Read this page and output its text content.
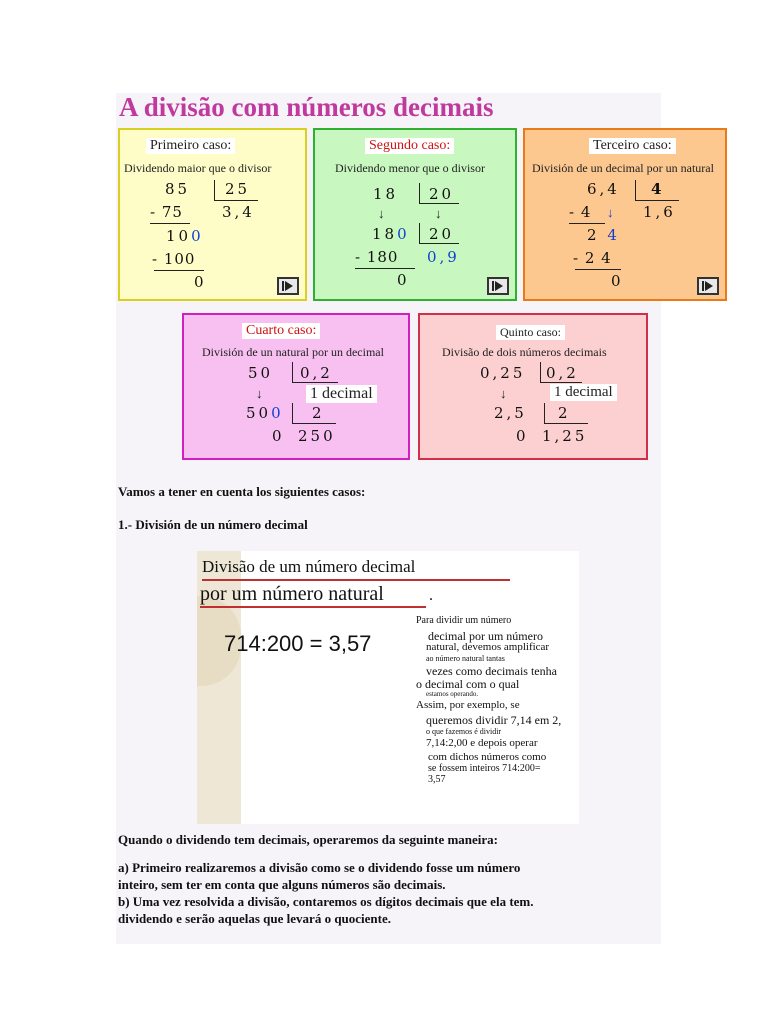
A divisão com números decimais
Primeiro caso:
Dividendo maior que o divisor
85 25
- 75	3,4
100
- 100
0
Segundo caso:
Dividendo menor que o divisor
18 20
↓	↓
180 20
- 180 0,9
0
Terceiro caso:
División de un decimal por un natural
6,4 4
- 4 ↓ 1,6
2 4
- 2 4
0
Cuarto caso:
División de un natural por un decimal
50 0,2
↓	1 decimal
500 2
0 250
Quinto caso:
Divisão de dois números decimais
0,25 0,2
↓	1 decimal
2,5 2
0 1,25
Vamos a tener en cuenta los siguientes casos:
1.- División de un número decimal
Divisão de um número decimal
por um número natural	.
714:200 = 3,57
Para dividir um número
decimal por um número
natural, devemos amplificar
ao número natural tantas
vezes como decimais tenha
o decimal com o qual
estamos operando.
Assim, por exemplo, se
queremos dividir 7,14 em 2,
o que fazemos é dividir
7,14:2,00 e depois operar
com dichos números como
se fossem inteiros 714:200=
3,57
Quando o dividendo tem decimais, operaremos da seguinte maneira:
a) Primeiro realizaremos a divisão como se o dividendo fosse um número
inteiro, sem ter em conta que alguns números são decimais.
b) Uma vez resolvida a divisão, contaremos os dígitos decimais que ela tem.
dividendo e serão aquelas que levará o quociente.
